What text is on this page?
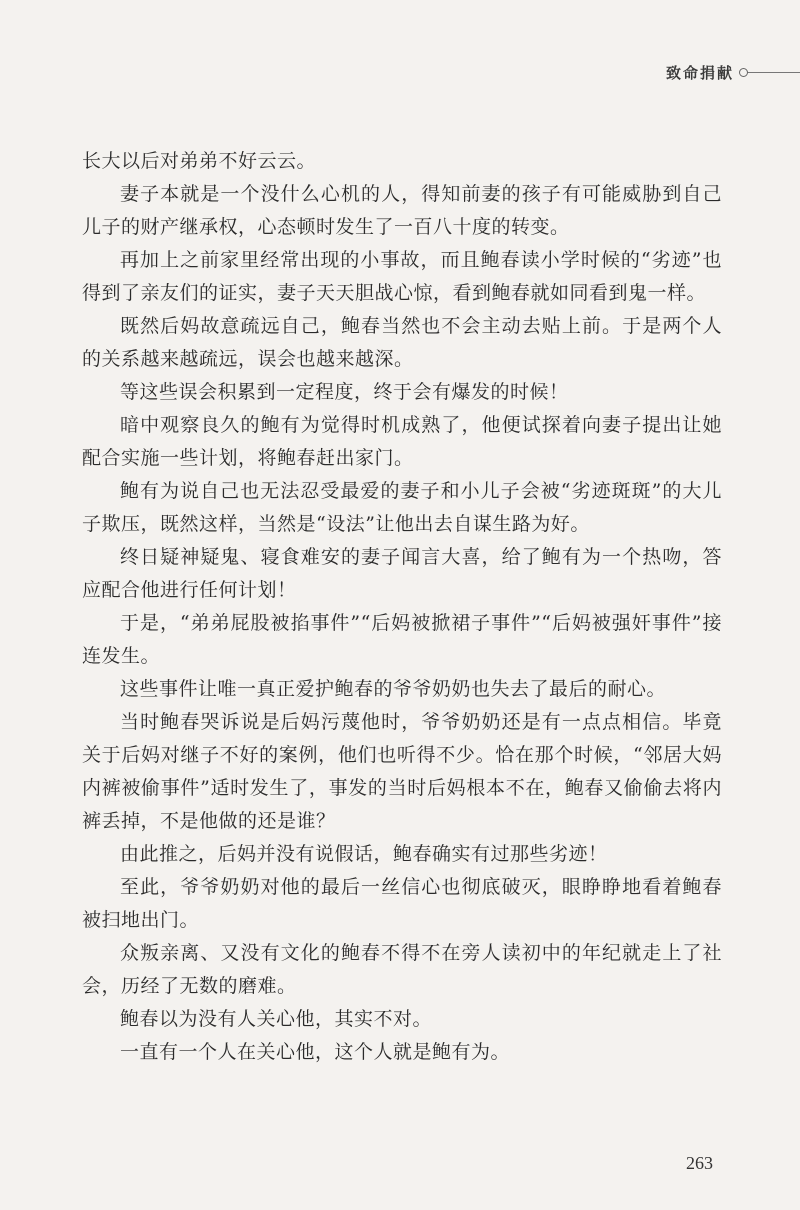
致命捐献

长大以后对弟弟不好云云。

妻子本就是一个没什么心机的人，得知前妻的孩子有可能威胁到自己儿子的财产继承权，心态顿时发生了一百八十度的转变。

再加上之前家里经常出现的小事故，而且鲍春读小学时候的“劣迹”也得到了亲友们的证实，妻子天天胆战心惊，看到鲍春就如同看到鬼一样。

既然后妈故意疏远自己，鲍春当然也不会主动去贴上前。于是两个人的关系越来越疏远，误会也越来越深。

等这些误会积累到一定程度，终于会有爆发的时候！

暗中观察良久的鲍有为觉得时机成熟了，他便试探着向妻子提出让她配合实施一些计划，将鲍春赶出家门。

鲍有为说自己也无法忍受最爱的妻子和小儿子会被“劣迹斑斑”的大儿子欺压，既然这样，当然是“设法”让他出去自谋生路为好。

终日疑神疑鬼、寝食难安的妻子闻言大喜，给了鲍有为一个热吻，答应配合他进行任何计划！

于是，“弟弟屁股被掐事件”“后妈被掀裙子事件”“后妈被强奸事件”接连发生。

这些事件让唯一真正爱护鲍春的爷爷奶奶也失去了最后的耐心。

当时鲍春哭诉说是后妈污蔑他时，爷爷奶奶还是有一点点相信。毕竟关于后妈对继子不好的案例，他们也听得不少。恰在那个时候，“邻居大妈内裤被偷事件”适时发生了，事发的当时后妈根本不在，鲍春又偷偷去将内裤丢掉，不是他做的还是谁？

由此推之，后妈并没有说假话，鲍春确实有过那些劣迹！

至此，爷爷奶奶对他的最后一丝信心也彻底破灭，眼睁睁地看着鲍春被扫地出门。

众叛亲离、又没有文化的鲍春不得不在旁人读初中的年纪就走上了社会，历经了无数的磨难。

鲍春以为没有人关心他，其实不对。

一直有一个人在关心他，这个人就是鲍有为。

263
